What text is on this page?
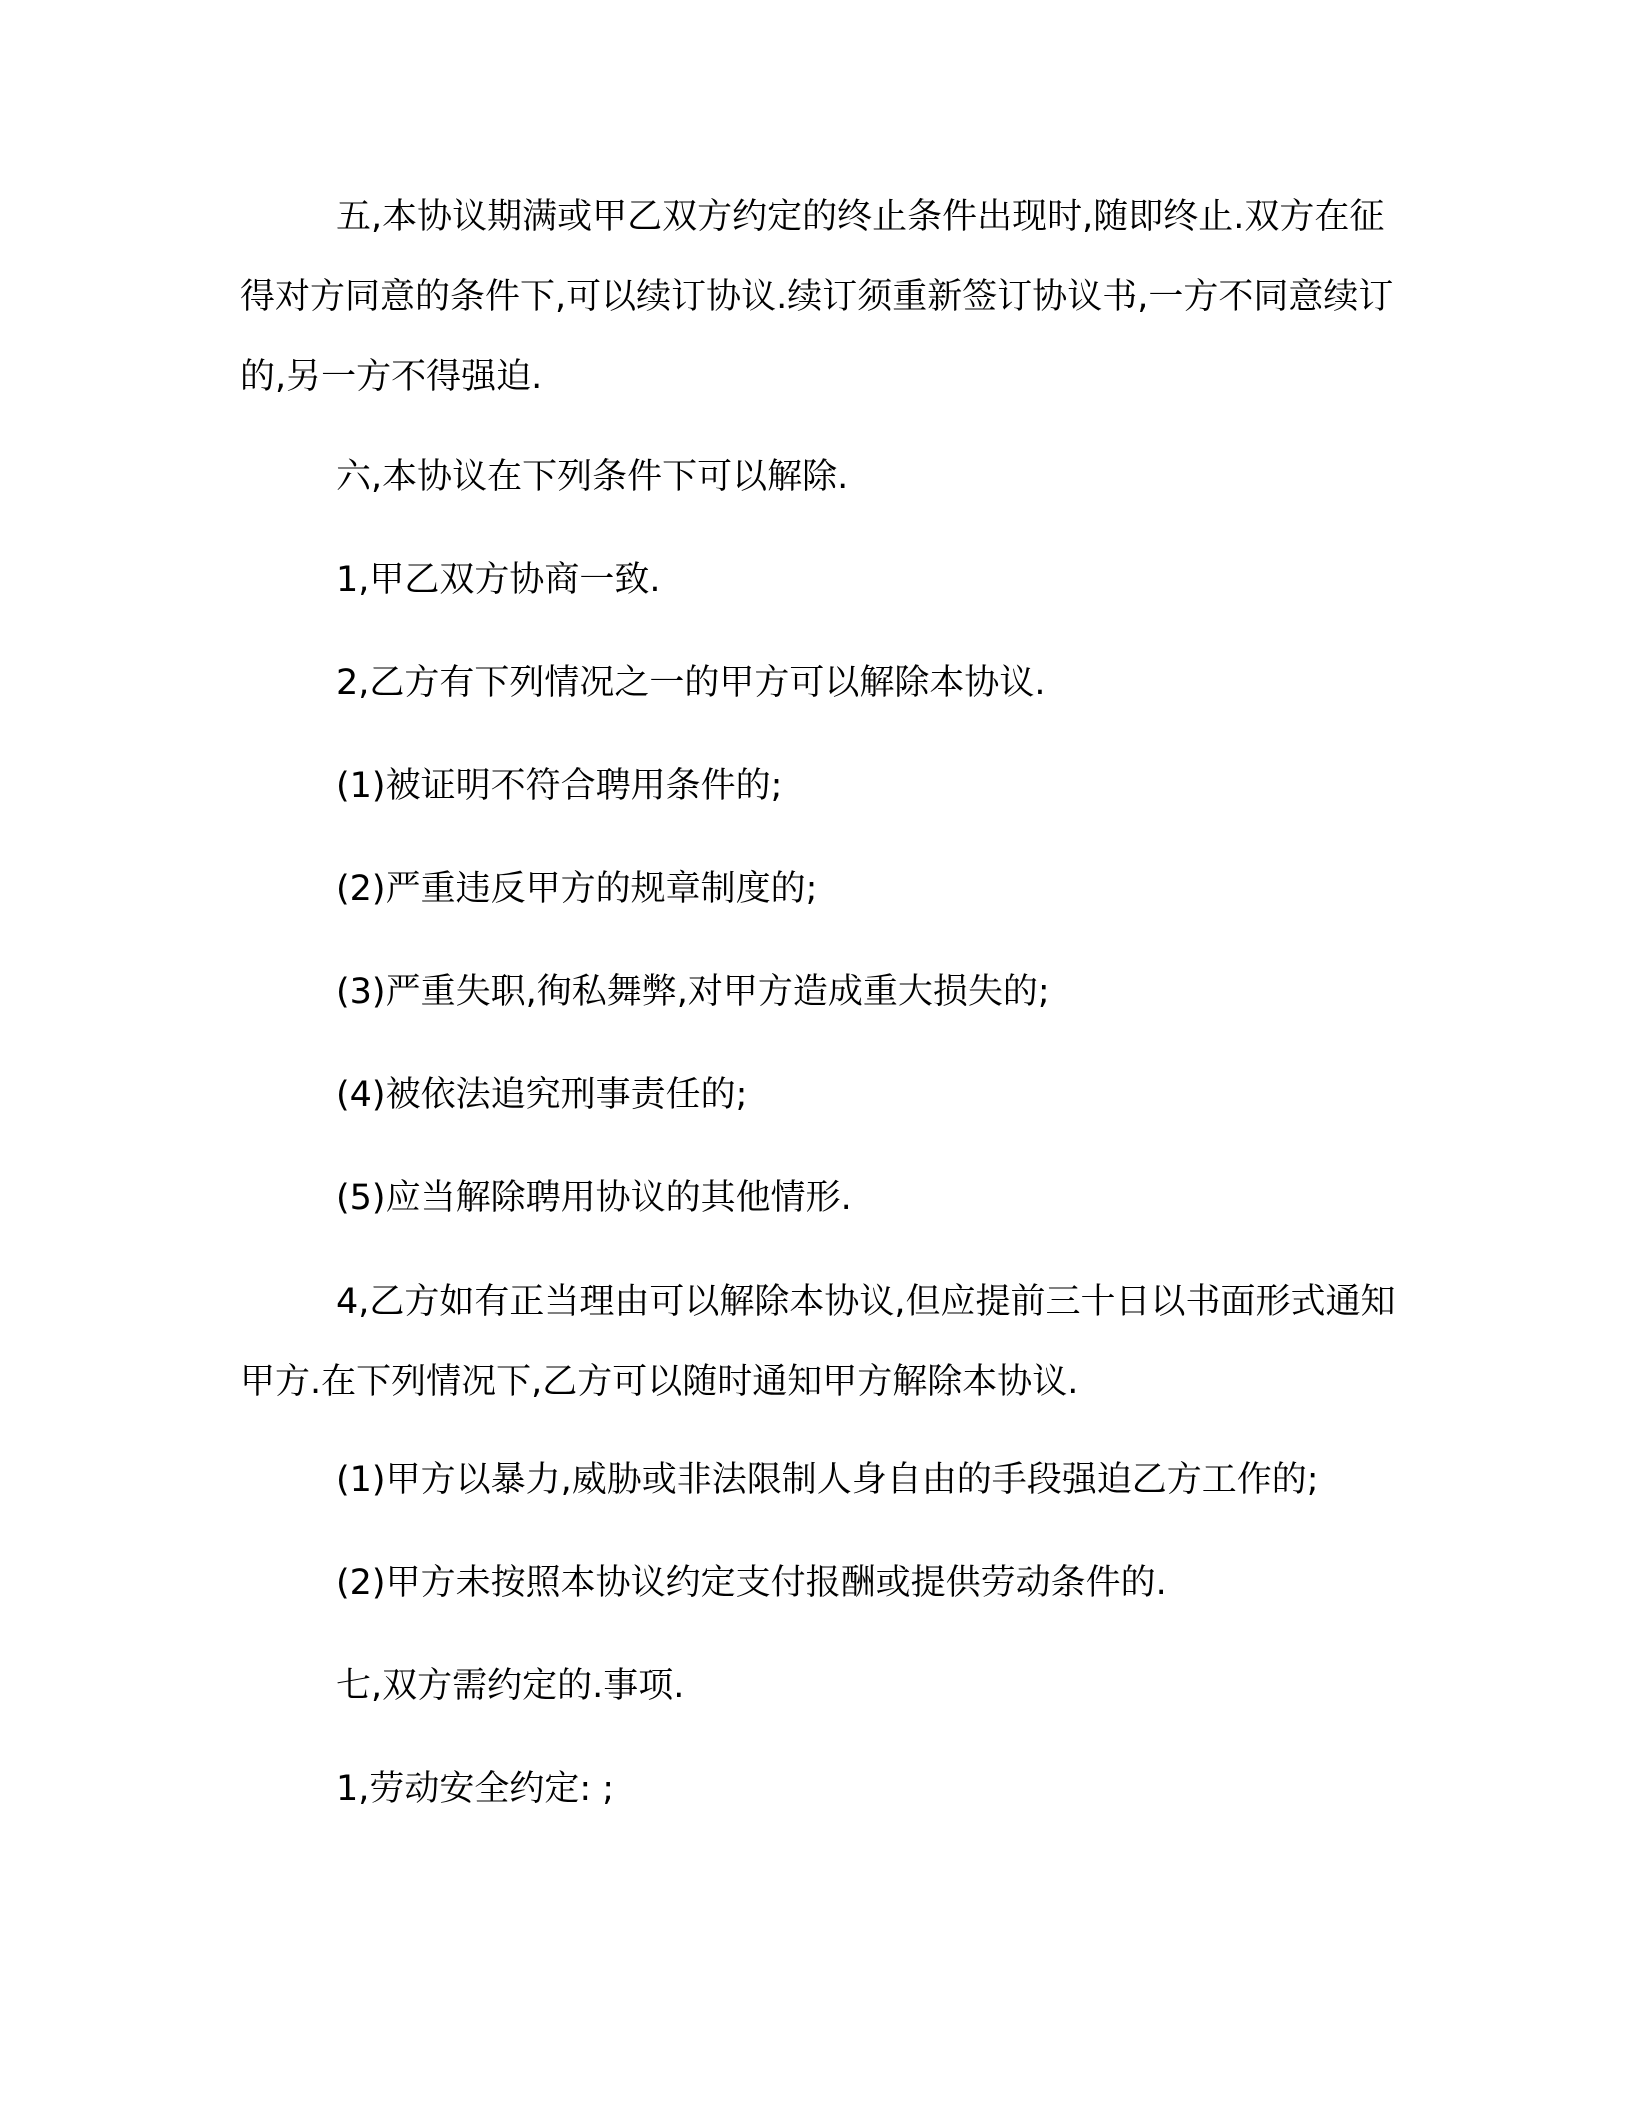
五,本协议期满或甲乙双方约定的终止条件出现时,随即终止.双方在征得对方同意的条件下,可以续订协议.续订须重新签订协议书,一方不同意续订的,另一方不得强迫.

六,本协议在下列条件下可以解除.

1,甲乙双方协商一致.

2,乙方有下列情况之一的甲方可以解除本协议.

(1)被证明不符合聘用条件的;

(2)严重违反甲方的规章制度的;

(3)严重失职,徇私舞弊,对甲方造成重大损失的;

(4)被依法追究刑事责任的;

(5)应当解除聘用协议的其他情形.

4,乙方如有正当理由可以解除本协议,但应提前三十日以书面形式通知甲方.在下列情况下,乙方可以随时通知甲方解除本协议.

(1)甲方以暴力,威胁或非法限制人身自由的手段强迫乙方工作的;

(2)甲方未按照本协议约定支付报酬或提供劳动条件的.

七,双方需约定的.事项.

1,劳动安全约定: ;
